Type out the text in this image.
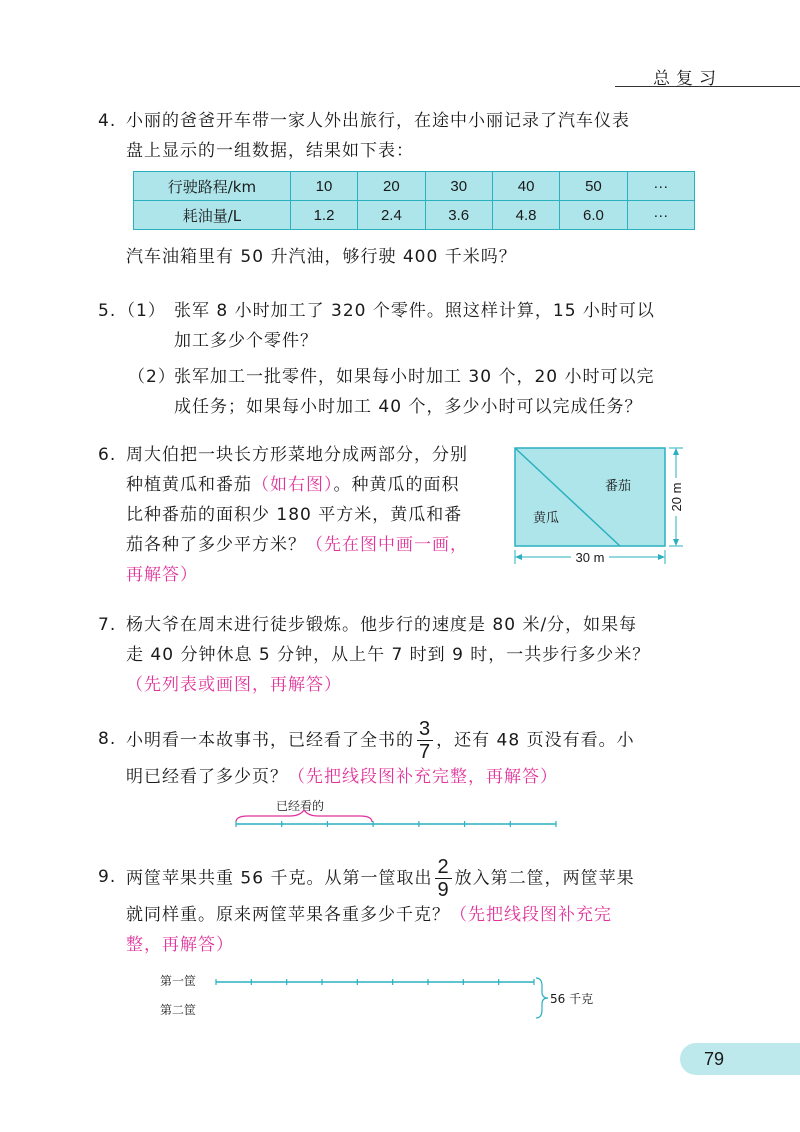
总复习
4. 小丽的爸爸开车带一家人外出旅行，在途中小丽记录了汽车仪表
盘上显示的一组数据，结果如下表：
行驶路程/km	10	20	30	40	50	···
耗油量/L	1.2	2.4	3.6	4.8	6.0	···
汽车油箱里有 50 升汽油，够行驶 400 千米吗？
5. （1） 张军 8 小时加工了 320 个零件。照这样计算，15 小时可以
加工多少个零件？
（2）
张军加工一批零件，如果每小时加工 30 个，20 小时可以完
成任务；如果每小时加工 40 个，多少小时可以完成任务？
6. 周大伯把一块长方形菜地分成两部分，分别
种植黄瓜和番茄（如右图）。种黄瓜的面积
比种番茄的面积少 180 平方米，黄瓜和番
茄各种了多少平方米？（先在图中画一画，
再解答）
番茄
黄瓜
30 m
20 m
7. 杨大爷在周末进行徒步锻炼。他步行的速度是 80 米/分，如果每
走 40 分钟休息 5 分钟，从上午 7 时到 9 时，一共步行多少米？
（先列表或画图，再解答）
8. 小明看一本故事书，已经看了全书的 $\frac{3}{7}$ ，还有 48 页没有看。小
明已经看了多少页？（先把线段图补充完整，再解答）
已经看的
9. 两筐苹果共重 56 千克。从第一筐取出 $\frac{2}{9}$ 放入第二筐，两筐苹果
就同样重。原来两筐苹果各重多少千克？（先把线段图补充完
整，再解答）
第一筐
第二筐
56 千克
79
